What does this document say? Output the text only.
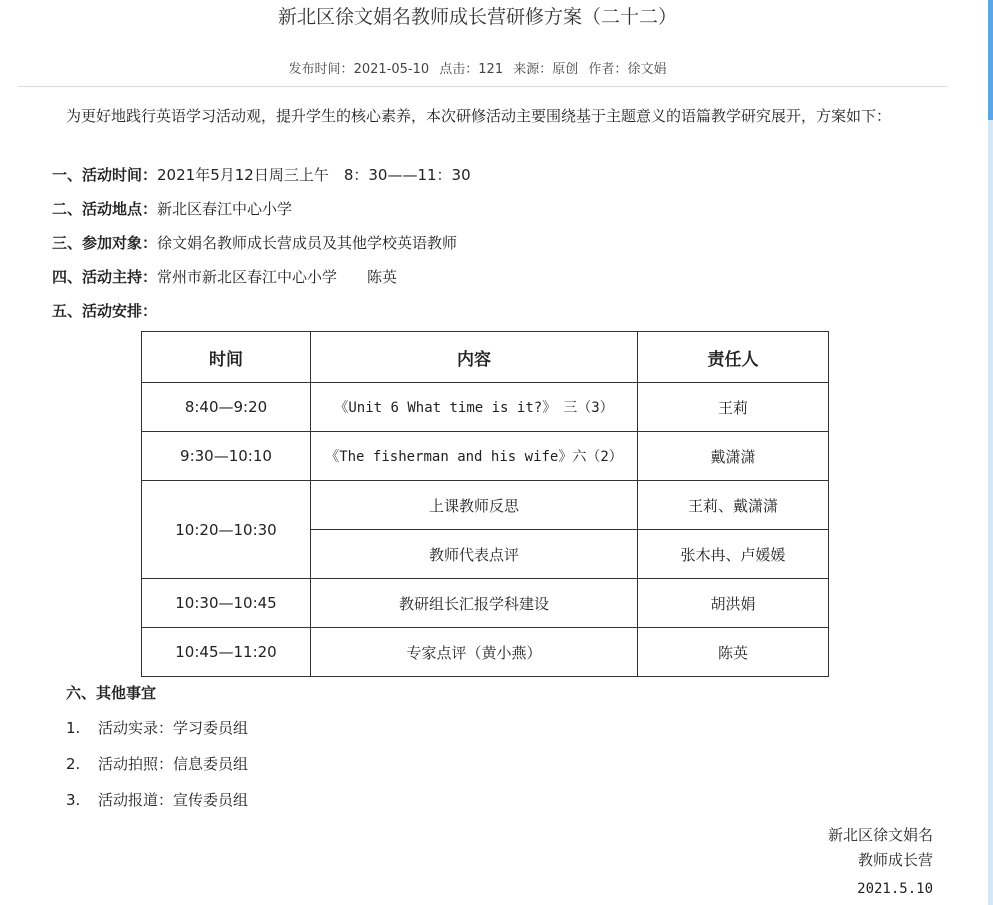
新北区徐文娟名教师成长营研修方案（二十二）
发布时间：2021-05-10 点击：121 来源：原创 作者：徐文娟
为更好地践行英语学习活动观，提升学生的核心素养，本次研修活动主要围绕基于主题意义的语篇教学研究展开，方案如下：
一、活动时间：2021年5月12日周三上午　8：30——11：30
二、活动地点：新北区春江中心小学
三、参加对象：徐文娟名教师成长营成员及其他学校英语教师
四、活动主持：常州市新北区春江中心小学　　陈英
五、活动安排：
时间	内容	责任人
8:40—9:20	《Unit 6 What time is it?》　三（3）	王莉
9:30—10:10	《The fisherman and his wife》六（2）	戴潇潇
10:20—10:30	上课教师反思	王莉、戴潇潇
	教师代表点评	张木冉、卢媛媛
10:30—10:45	教研组长汇报学科建设	胡洪娟
10:45—11:20	专家点评（黄小燕）	陈英
六、其他事宜
1. 活动实录：学习委员组
2. 活动拍照：信息委员组
3. 活动报道：宣传委员组
新北区徐文娟名
教师成长营
2021.5.10
